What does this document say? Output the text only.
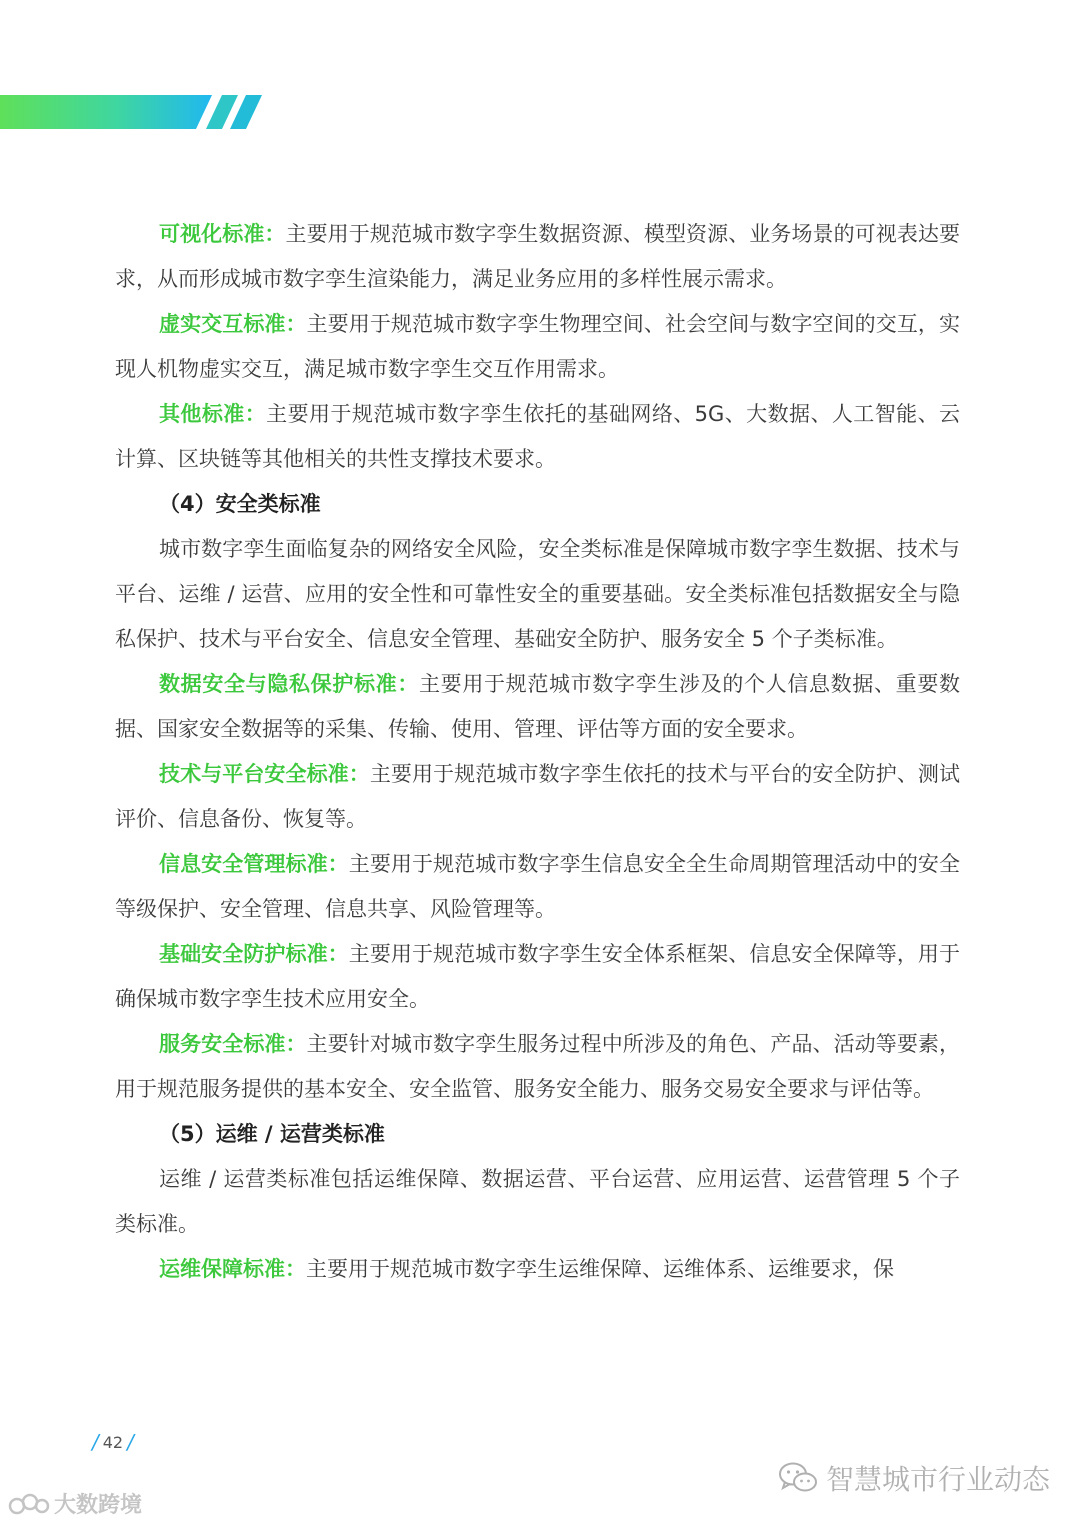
可视化标准：主要用于规范城市数字孪生数据资源、模型资源、业务场景的可视表达要求，从而形成城市数字孪生渲染能力，满足业务应用的多样性展示需求。

虚实交互标准：主要用于规范城市数字孪生物理空间、社会空间与数字空间的交互，实现人机物虚实交互，满足城市数字孪生交互作用需求。

其他标准：主要用于规范城市数字孪生依托的基础网络、5G、大数据、人工智能、云计算、区块链等其他相关的共性支撑技术要求。

（4）安全类标准

城市数字孪生面临复杂的网络安全风险，安全类标准是保障城市数字孪生数据、技术与平台、运维 / 运营、应用的安全性和可靠性安全的重要基础。安全类标准包括数据安全与隐私保护、技术与平台安全、信息安全管理、基础安全防护、服务安全 5 个子类标准。

数据安全与隐私保护标准：主要用于规范城市数字孪生涉及的个人信息数据、重要数据、国家安全数据等的采集、传输、使用、管理、评估等方面的安全要求。

技术与平台安全标准：主要用于规范城市数字孪生依托的技术与平台的安全防护、测试评价、信息备份、恢复等。

信息安全管理标准：主要用于规范城市数字孪生信息安全全生命周期管理活动中的安全等级保护、安全管理、信息共享、风险管理等。

基础安全防护标准：主要用于规范城市数字孪生安全体系框架、信息安全保障等，用于确保城市数字孪生技术应用安全。

服务安全标准：主要针对城市数字孪生服务过程中所涉及的角色、产品、活动等要素，用于规范服务提供的基本安全、安全监管、服务安全能力、服务交易安全要求与评估等。

（5）运维 / 运营类标准

运维 / 运营类标准包括运维保障、数据运营、平台运营、应用运营、运营管理 5 个子类标准。

运维保障标准：主要用于规范城市数字孪生运维保障、运维体系、运维要求，保

/ 42 /
智慧城市行业动态
大数跨境
